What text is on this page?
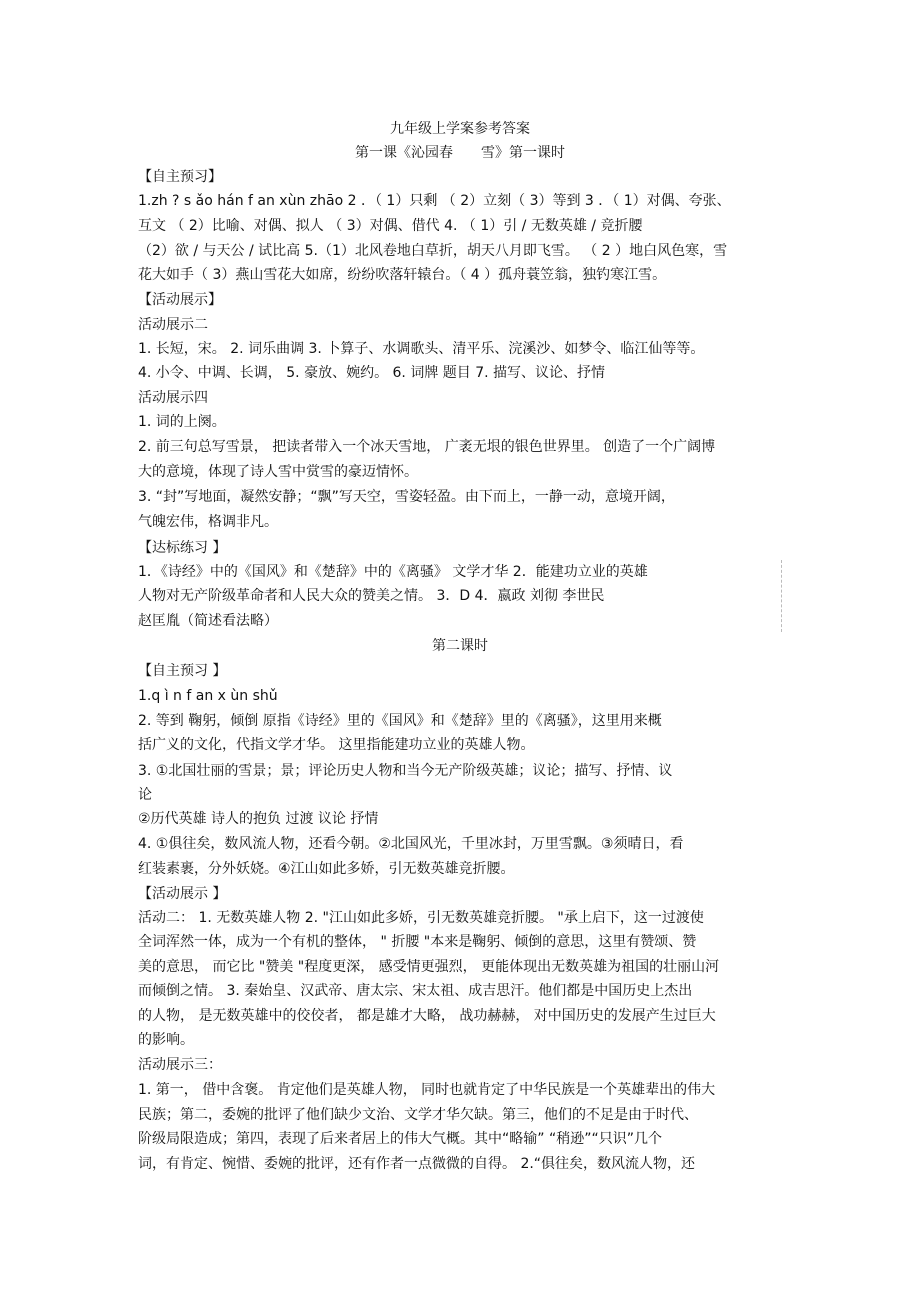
九年级上学案参考答案
第一课《沁园春　　雪》第一课时
【自主预习】
1.zh ? s ǎo hán f an xùn zhāo 2 ．（ 1）只剩 （ 2）立刻（ 3）等到 3 ．（ 1）对偶、夸张、
互文 （ 2）比喻、对偶、拟人 （ 3）对偶、借代 4. （ 1）引 / 无数英雄 / 竞折腰
（2）欲 / 与天公 / 试比高 5.（1）北风卷地白草折，胡天八月即飞雪。 （ 2 ）地白风色寒，雪
花大如手（ 3）燕山雪花大如席，纷纷吹落轩辕台。（ 4 ）孤舟蓑笠翁，独钓寒江雪。
【活动展示】
活动展示二
1. 长短，宋。 2. 词乐曲调 3. 卜算子、水调歌头、清平乐、浣溪沙、如梦令、临江仙等等。
4. 小令、中调、长调， 5. 豪放、婉约。 6. 词牌 题目 7. 描写、议论、抒情
活动展示四
1. 词的上阕。
2. 前三句总写雪景， 把读者带入一个冰天雪地， 广袤无垠的银色世界里。 创造了一个广阔博
大的意境，体现了诗人雪中赏雪的豪迈情怀。
3. “封”写地面，凝然安静；“飘”写天空，雪姿轻盈。由下而上，一静一动，意境开阔，
气魄宏伟，格调非凡。
【达标练习 】
1．《诗经》中的《国风》和《楚辞》中的《离骚》 文学才华 2．能建功立业的英雄
人物对无产阶级革命者和人民大众的赞美之情。 3．D 4．嬴政 刘彻 李世民
赵匡胤（简述看法略）
第二课时
【自主预习 】
1.q ì n f an x ùn shǔ
2. 等到 鞠躬，倾倒 原指《诗经》里的《国风》和《楚辞》里的《离骚》，这里用来概
括广义的文化，代指文学才华。 这里指能建功立业的英雄人物。
3. ①北国壮丽的雪景；景；评论历史人物和当今无产阶级英雄；议论；描写、抒情、议
论
②历代英雄 诗人的抱负 过渡 议论 抒情
4. ①俱往矣，数风流人物，还看今朝。②北国风光，千里冰封，万里雪飘。③须晴日，看
红装素裹，分外妖娆。④江山如此多娇，引无数英雄竞折腰。
【活动展示 】
活动二： 1. 无数英雄人物 2. "江山如此多娇，引无数英雄竞折腰。 "承上启下，这一过渡使
全词浑然一体，成为一个有机的整体， " 折腰 "本来是鞠躬、倾倒的意思，这里有赞颂、赞
美的意思， 而它比 "赞美 "程度更深， 感受情更强烈， 更能体现出无数英雄为祖国的壮丽山河
而倾倒之情。 3. 秦始皇、汉武帝、唐太宗、宋太祖、成吉思汗。他们都是中国历史上杰出
的人物， 是无数英雄中的佼佼者， 都是雄才大略， 战功赫赫， 对中国历史的发展产生过巨大
的影响。
活动展示三：
1. 第一， 借中含褒。 肯定他们是英雄人物， 同时也就肯定了中华民族是一个英雄辈出的伟大
民族；第二，委婉的批评了他们缺少文治、文学才华欠缺。第三，他们的不足是由于时代、
阶级局限造成；第四，表现了后来者居上的伟大气概。其中“略输” “稍逊”“只识”几个
词，有肯定、惋惜、委婉的批评，还有作者一点微微的自得。 2.“俱往矣，数风流人物，还
